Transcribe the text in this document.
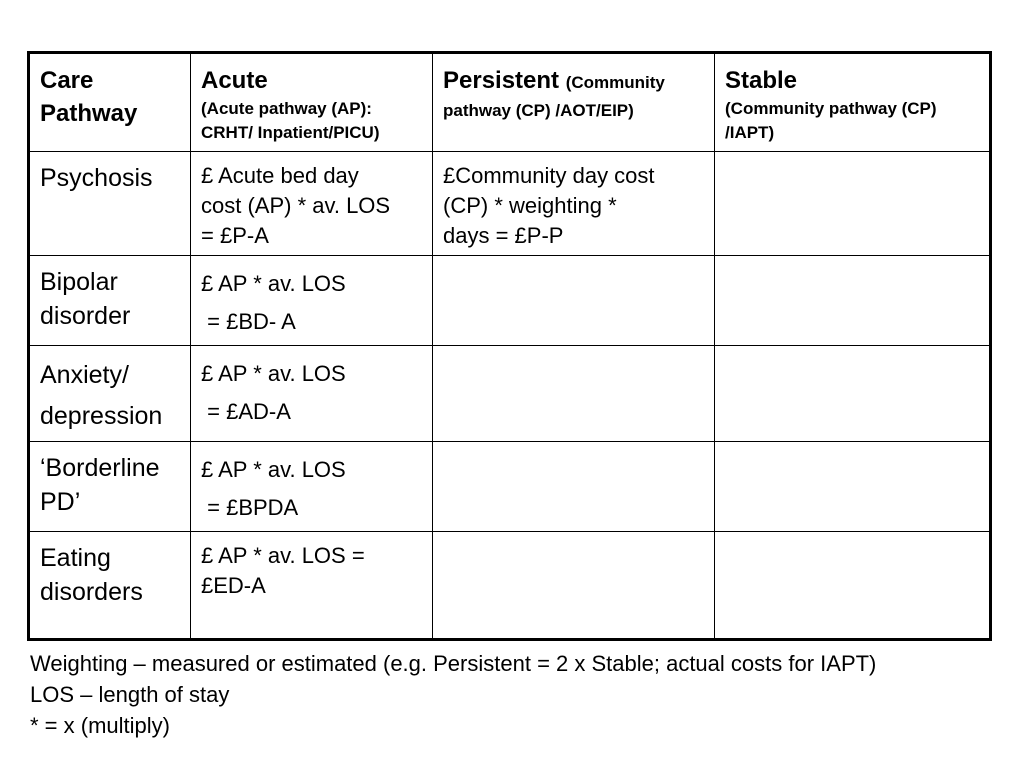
Care
Pathway	Acute
(Acute pathway (AP):
CRHT/ Inpatient/PICU)	Persistent (Community pathway (CP) /AOT/EIP)	Stable
(Community pathway (CP)
/IAPT)

Psychosis	£ Acute bed day
cost (AP) * av. LOS
= £P-A	£Community day cost
(CP) * weighting *
days = £P-P	

Bipolar
disorder	£ AP * av. LOS
= £BD- A		

Anxiety/
depression	£ AP * av. LOS
= £AD-A		

‘Borderline
PD’	£ AP * av. LOS
= £BPDA		

Eating
disorders	£ AP * av. LOS =
£ED-A		

Weighting – measured or estimated (e.g. Persistent = 2 x Stable; actual costs for IAPT)
LOS – length of stay
* = x (multiply)
